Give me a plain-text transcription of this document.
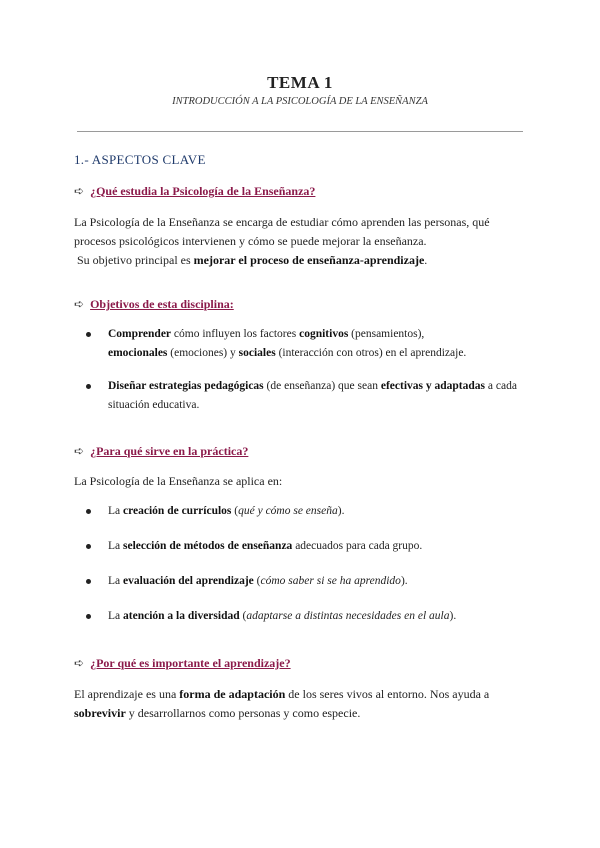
TEMA 1
INTRODUCCIÓN A LA PSICOLOGÍA DE LA ENSEÑANZA
1.- ASPECTOS CLAVE
➪ ¿Qué estudia la Psicología de la Enseñanza?
La Psicología de la Enseñanza se encarga de estudiar cómo aprenden las personas, qué procesos psicológicos intervienen y cómo se puede mejorar la enseñanza.
Su objetivo principal es mejorar el proceso de enseñanza-aprendizaje.
➪ Objetivos de esta disciplina:
Comprender cómo influyen los factores cognitivos (pensamientos),
emocionales (emociones) y sociales (interacción con otros) en el aprendizaje.
Diseñar estrategias pedagógicas (de enseñanza) que sean efectivas y adaptadas a cada situación educativa.
➪ ¿Para qué sirve en la práctica?
La Psicología de la Enseñanza se aplica en:
La creación de currículos (qué y cómo se enseña).
La selección de métodos de enseñanza adecuados para cada grupo.
La evaluación del aprendizaje (cómo saber si se ha aprendido).
La atención a la diversidad (adaptarse a distintas necesidades en el aula).
➪ ¿Por qué es importante el aprendizaje?
El aprendizaje es una forma de adaptación de los seres vivos al entorno. Nos ayuda a sobrevivir y desarrollarnos como personas y como especie.
